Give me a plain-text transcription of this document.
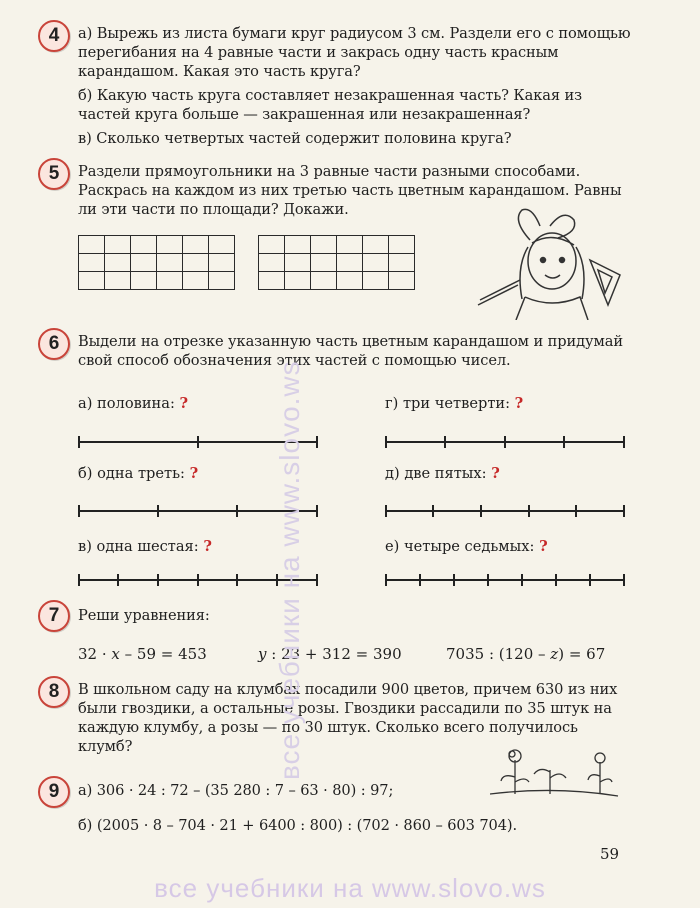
4	а) Вырежь из листа бумаги круг радиусом 3 см. Раздели его с помощью перегибания на 4 равные части и закрась одну часть красным карандашом. Какая это часть круга?
б) Какую часть круга составляет незакрашенная часть? Какая из частей круга больше — закрашенная или незакрашенная?
в) Сколько четвертых частей содержит половина круга?
5	Раздели прямоугольники на 3 равные части разными способами. Раскрась на каждом из них третью часть цветным карандашом. Равны ли эти части по площади? Докажи.

6	Выдели на отрезке указанную часть цветным карандашом и придумай свой способ обозначения этих частей с помощью чисел.
а) половина: ?	г) три четверти: ?
б) одна треть: ?	д) две пятых: ?
в) одна шестая: ?	е) четыре седьмых: ?
7	Реши уравнения:
32 · x – 59 = 453	y : 23 + 312 = 390	7035 : (120 – z) = 67
8	В школьном саду на клумбах посадили 900 цветов, причем 630 из них были гвоздики, а остальные розы. Гвоздики рассадили по 35 штук на каждую клумбу, а розы — по 30 штук. Сколько всего получилось клумб?
9	а) 306 · 24 : 72 – (35 280 : 7 – 63 · 80) : 97;
б) (2005 · 8 – 704 · 21 + 6400 : 800) : (702 · 860 – 603 704).
59
все учебники на www.slovo.ws
все учебники на www.slovo.ws
